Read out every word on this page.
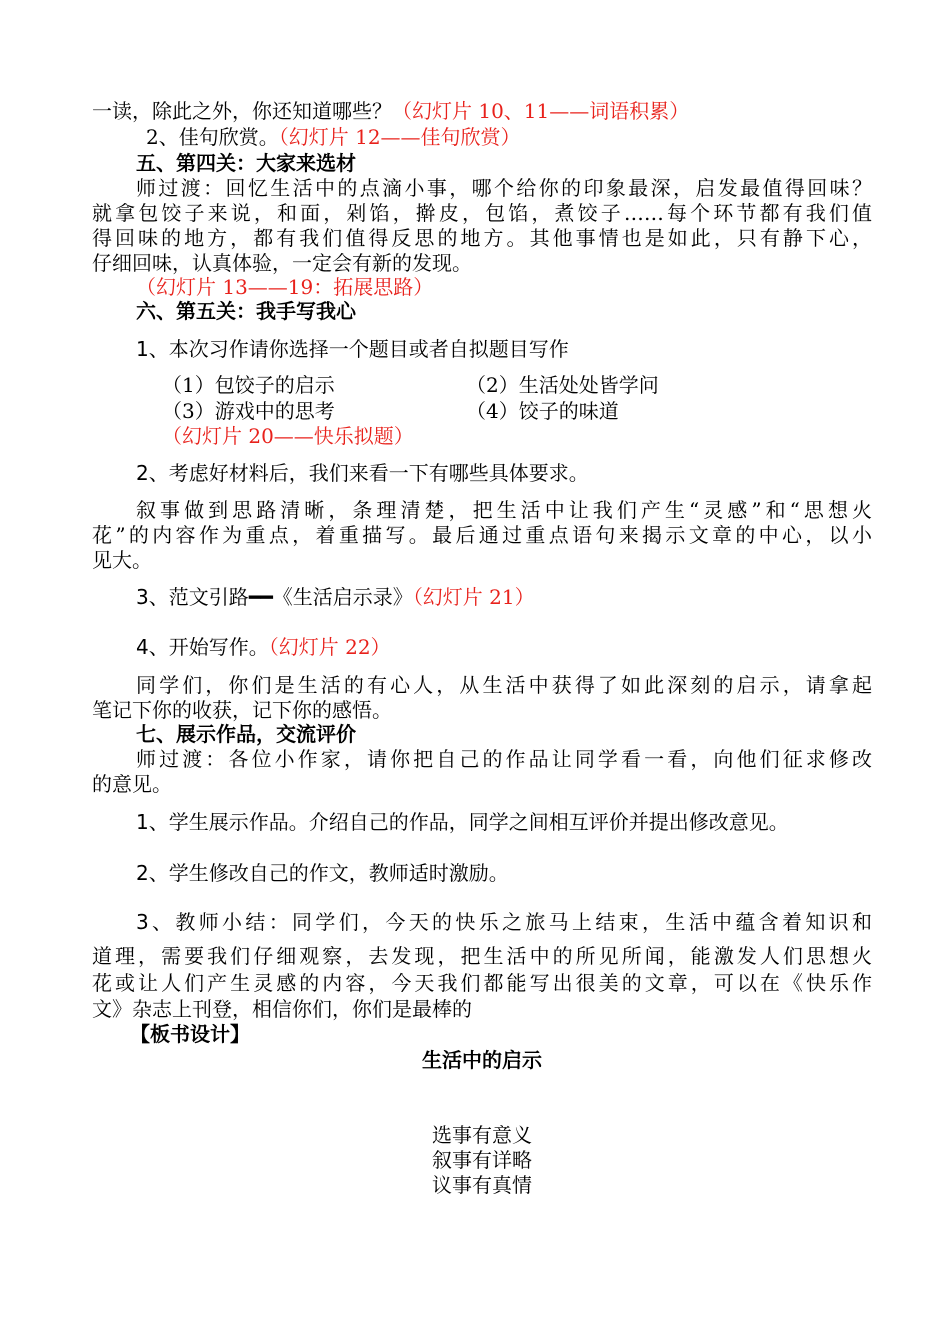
一读，除此之外，你还知道哪些？（幻灯片 10、11——词语积累）
2、佳句欣赏。（幻灯片 12——佳句欣赏）
五、第四关：大家来选材
师过渡：回忆生活中的点滴小事，哪个给你的印象最深，启发最值得回味？
就拿包饺子来说，和面，剁馅，擀皮，包馅，煮饺子……每个环节都有我们值
得回味的地方，都有我们值得反思的地方。其他事情也是如此，只有静下心，
仔细回味，认真体验，一定会有新的发现。
（幻灯片 13——19：拓展思路）
六、第五关：我手写我心
1、本次习作请你选择一个题目或者自拟题目写作
（1）包饺子的启示	（2）生活处处皆学问
（3）游戏中的思考	（4）饺子的味道
（幻灯片 20——快乐拟题）
2、考虑好材料后，我们来看一下有哪些具体要求。
叙事做到思路清晰，条理清楚，把生活中让我们产生“灵感”和“思想火
花”的内容作为重点，着重描写。最后通过重点语句来揭示文章的中心，以小
见大。
3、范文引路━━《生活启示录》（幻灯片 21）
4、开始写作。（幻灯片 22）
同学们，你们是生活的有心人，从生活中获得了如此深刻的启示，请拿起
笔记下你的收获，记下你的感悟。
七、展示作品，交流评价
师过渡：各位小作家，请你把自己的作品让同学看一看，向他们征求修改
的意见。
1、学生展示作品。介绍自己的作品，同学之间相互评价并提出修改意见。
2、学生修改自己的作文，教师适时激励。
3、教师小结：同学们，今天的快乐之旅马上结束，生活中蕴含着知识和
道理，需要我们仔细观察，去发现，把生活中的所见所闻，能激发人们思想火
花或让人们产生灵感的内容，今天我们都能写出很美的文章，可以在《快乐作
文》杂志上刊登，相信你们，你们是最棒的
【板书设计】
生活中的启示
选事有意义
叙事有详略
议事有真情
